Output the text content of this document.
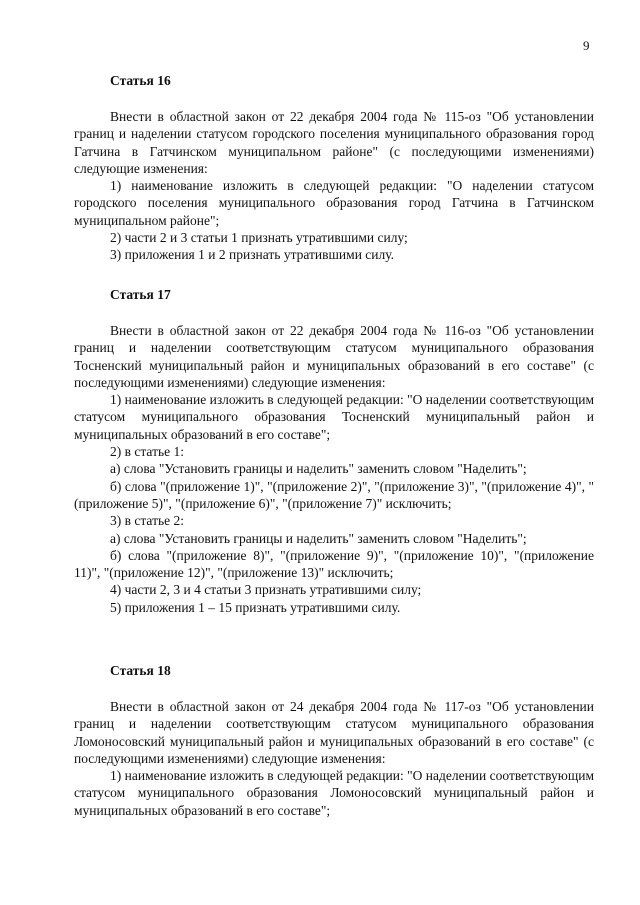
9
Статья 16

Внести в областной закон от 22 декабря 2004 года № 115-оз "Об установлении границ и наделении статусом городского поселения муниципального образования город Гатчина в Гатчинском муниципальном районе" (с последующими изменениями) следующие изменения:

1) наименование изложить в следующей редакции: "О наделении статусом городского поселения муниципального образования город Гатчина в Гатчинском муниципальном районе";

2) части 2 и 3 статьи 1 признать утратившими силу;

3) приложения 1 и 2 признать утратившими силу.

Статья 17

Внести в областной закон от 22 декабря 2004 года № 116-оз "Об установлении границ и наделении соответствующим статусом муниципального образования Тосненский муниципальный район и муниципальных образований в его составе" (с последующими изменениями) следующие изменения:

1) наименование изложить в следующей редакции: "О наделении соответствующим статусом муниципального образования Тосненский муниципальный район и муниципальных образований в его составе";

2) в статье 1:

а) слова "Установить границы и наделить" заменить словом "Наделить";

б) слова "(приложение 1)", "(приложение 2)", "(приложение 3)", "(приложение 4)", "(приложение 5)", "(приложение 6)", "(приложение 7)" исключить;

3) в статье 2:

а) слова "Установить границы и наделить" заменить словом "Наделить";

б) слова "(приложение 8)", "(приложение 9)", "(приложение 10)", "(приложение 11)", "(приложение 12)", "(приложение 13)" исключить;

4) части 2, 3 и 4 статьи 3 признать утратившими силу;

5) приложения 1 – 15 признать утратившими силу.

Статья 18

Внести в областной закон от 24 декабря 2004 года № 117-оз "Об установлении границ и наделении соответствующим статусом муниципального образования Ломоносовский муниципальный район и муниципальных образований в его составе" (с последующими изменениями) следующие изменения:

1) наименование изложить в следующей редакции: "О наделении соответствующим статусом муниципального образования Ломоносовский муниципальный район и муниципальных образований в его составе";
